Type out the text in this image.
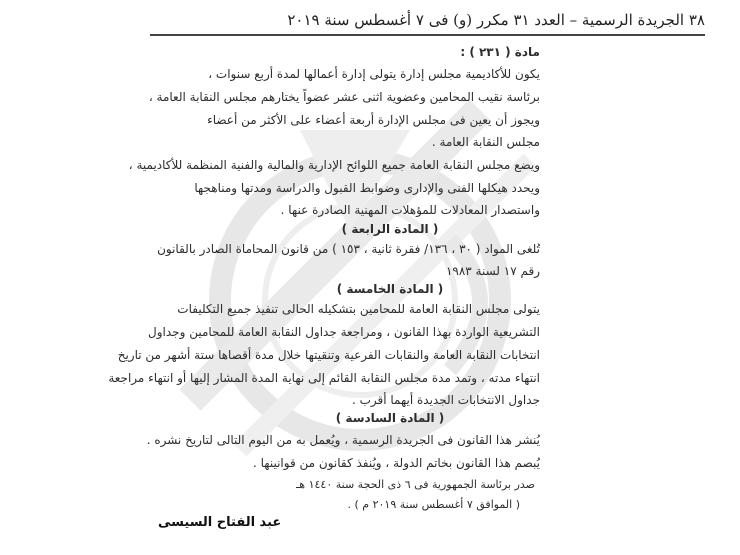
٣٨ الجريدة الرسمية – العدد ٣١ مكرر (و) فى ٧ أغسطس سنة ٢٠١٩
مادة ( ٢٣١ ) :
يكون للأكاديمية مجلس إدارة يتولى إدارة أعمالها لمدة أربع سنوات ،
برئاسة نقيب المحامين وعضوية اثنى عشر عضواً يختارهم مجلس النقابة العامة ،
ويجوز أن يعين فى مجلس الإدارة أربعة أعضاء على الأكثر من أعضاء
مجلس النقابة العامة .
ويضع مجلس النقابة العامة جميع اللوائح الإدارية والمالية والفنية المنظمة للأكاديمية ،
ويحدد هيكلها الفنى والإدارى وضوابط القبول والدراسة ومدتها ومناهجها
واستصدار المعادلات للمؤهلات المهنية الصادرة عنها .
( المادة الرابعة )
تُلغى المواد ( ٣٠ ، ١٣٦/ فقرة ثانية ، ١٥٣ ) من قانون المحاماة الصادر بالقانون
رقم ١٧ لسنة ١٩٨٣
( المادة الخامسة )
يتولى مجلس النقابة العامة للمحامين بتشكيله الحالى تنفيذ جميع التكليفات
التشريعية الواردة بهذا القانون ، ومراجعة جداول النقابة العامة للمحامين وجداول
انتخابات النقابة العامة والنقابات الفرعية وتنقيتها خلال مدة أقصاها ستة أشهر من تاريخ
انتهاء مدته ، وتمد مدة مجلس النقابة القائم إلى نهاية المدة المشار إليها أو انتهاء مراجعة
جداول الانتخابات الجديدة أيهما أقرب .
( المادة السادسة )
يُنشر هذا القانون فى الجريدة الرسمية ، ويُعمل به من اليوم التالى لتاريخ نشره .
يُبصم هذا القانون بخاتم الدولة ، ويُنفذ كقانون من قوانينها .
صدر برئاسة الجمهورية فى ٦ ذى الحجة سنة ١٤٤٠ هـ
( الموافق ٧ أغسطس سنة ٢٠١٩ م ) .
عبد الفتاح السيسى
